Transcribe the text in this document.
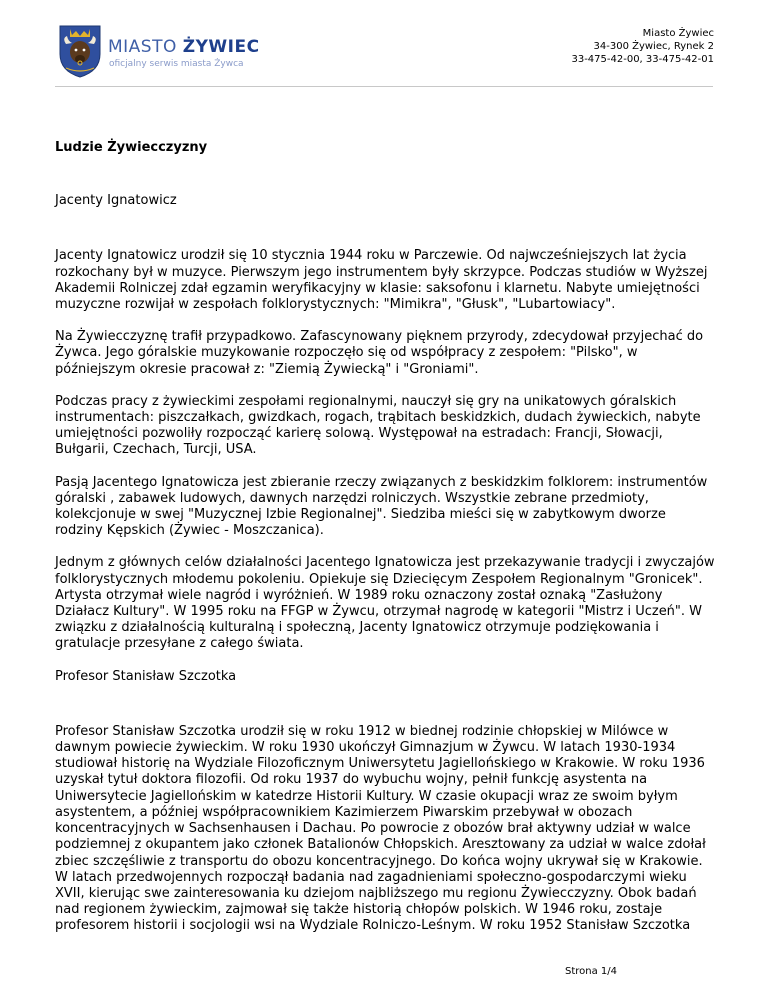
MIASTO ŻYWIEC
oficjalny serwis miasta Żywca
Miasto Żywiec
34-300 Żywiec, Rynek 2
33-475-42-00, 33-475-42-01
Ludzie Żywiecczyzny

Jacenty Ignatowicz

Jacenty Ignatowicz urodził się 10 stycznia 1944 roku w Parczewie. Od najwcześniejszych lat życia rozkochany był w muzyce. Pierwszym jego instrumentem były skrzypce. Podczas studiów w Wyższej Akademii Rolniczej zdał egzamin weryfikacyjny w klasie: saksofonu i klarnetu. Nabyte umiejętności muzyczne rozwijał w zespołach folklorystycznych: "Mimikra", "Głusk", "Lubartowiacy".

Na Żywiecczyznę trafił przypadkowo. Zafascynowany pięknem przyrody, zdecydował przyjechać do Żywca. Jego góralskie muzykowanie rozpoczęło się od współpracy z zespołem: "Pilsko", w późniejszym okresie pracował z: "Ziemią Żywiecką" i "Groniami".

Podczas pracy z żywieckimi zespołami regionalnymi, nauczył się gry na unikatowych góralskich instrumentach: piszczałkach, gwizdkach, rogach, trąbitach beskidzkich, dudach żywieckich, nabyte umiejętności pozwoliły rozpocząć karierę solową. Występował na estradach: Francji, Słowacji, Bułgarii, Czechach, Turcji, USA.

Pasją Jacentego Ignatowicza jest zbieranie rzeczy związanych z beskidzkim folklorem: instrumentów góralski , zabawek ludowych, dawnych narzędzi rolniczych. Wszystkie zebrane przedmioty, kolekcjonuje w swej "Muzycznej Izbie Regionalnej". Siedziba mieści się w zabytkowym dworze rodziny Kępskich (Żywiec - Moszczanica).

Jednym z głównych celów działalności Jacentego Ignatowicza jest przekazywanie tradycji i zwyczajów folklorystycznych młodemu pokoleniu. Opiekuje się Dziecięcym Zespołem Regionalnym "Gronicek". Artysta otrzymał wiele nagród i wyróżnień. W 1989 roku oznaczony został oznaką "Zasłużony Działacz Kultury". W 1995 roku na FFGP w Żywcu, otrzymał nagrodę w kategorii "Mistrz i Uczeń". W związku z działalnością kulturalną i społeczną, Jacenty Ignatowicz otrzymuje podziękowania i gratulacje przesyłane z całego świata.

Profesor Stanisław Szczotka

Profesor Stanisław Szczotka urodził się w roku 1912 w biednej rodzinie chłopskiej w Milówce w dawnym powiecie żywieckim. W roku 1930 ukończył Gimnazjum w Żywcu. W latach 1930-1934 studiował historię na Wydziale Filozoficznym Uniwersytetu Jagiellońskiego w Krakowie. W roku 1936 uzyskał tytuł doktora filozofii. Od roku 1937 do wybuchu wojny, pełnił funkcję asystenta na Uniwersytecie Jagiellońskim w katedrze Historii Kultury. W czasie okupacji wraz ze swoim byłym asystentem, a później współpracownikiem Kazimierzem Piwarskim przebywał w obozach koncentracyjnych w Sachsenhausen i Dachau. Po powrocie z obozów brał aktywny udział w walce podziemnej z okupantem jako członek Batalionów Chłopskich. Aresztowany za udział w walce zdołał zbiec szczęśliwie z transportu do obozu koncentracyjnego. Do końca wojny ukrywał się w Krakowie. W latach przedwojennych rozpoczął badania nad zagadnieniami społeczno-gospodarczymi wieku XVII, kierując swe zainteresowania ku dziejom najbliższego mu regionu Żywiecczyzny. Obok badań nad regionem żywieckim, zajmował się także historią chłopów polskich. W 1946 roku, zostaje profesorem historii i socjologii wsi na Wydziale Rolniczo-Leśnym. W roku 1952 Stanisław Szczotka

Strona 1/4
